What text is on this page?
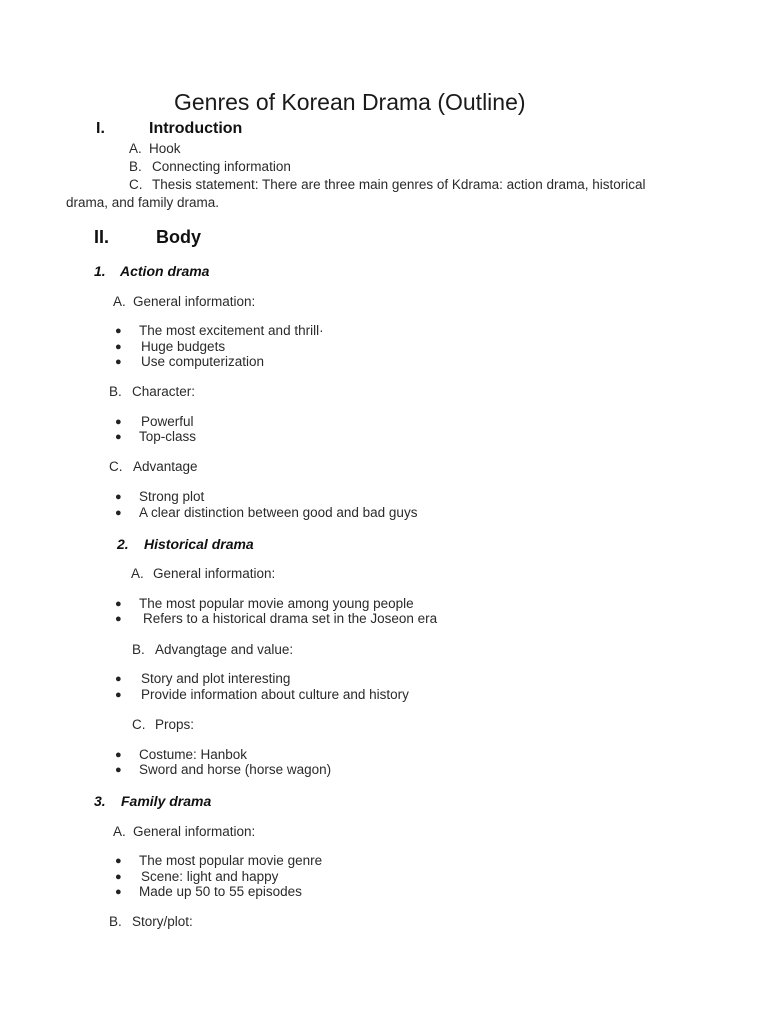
Genres of Korean Drama (Outline)
I.	Introduction
A. Hook
B. Connecting information
C. Thesis statement: There are three main genres of Kdrama: action drama, historical
drama, and family drama.
II.	Body
1. Action drama
A. General information:
● The most excitement and thrill·
● Huge budgets
● Use computerization
B. Character:
● Powerful
● Top-class
C. Advantage
● Strong plot
● A clear distinction between good and bad guys
2. Historical drama
A. General information:
● The most popular movie among young people
● Refers to a historical drama set in the Joseon era
B. Advangtage and value:
● Story and plot interesting
● Provide information about culture and history
C. Props:
● Costume: Hanbok
● Sword and horse (horse wagon)
3. Family drama
A. General information:
● The most popular movie genre
● Scene: light and happy
● Made up 50 to 55 episodes
B. Story/plot:
